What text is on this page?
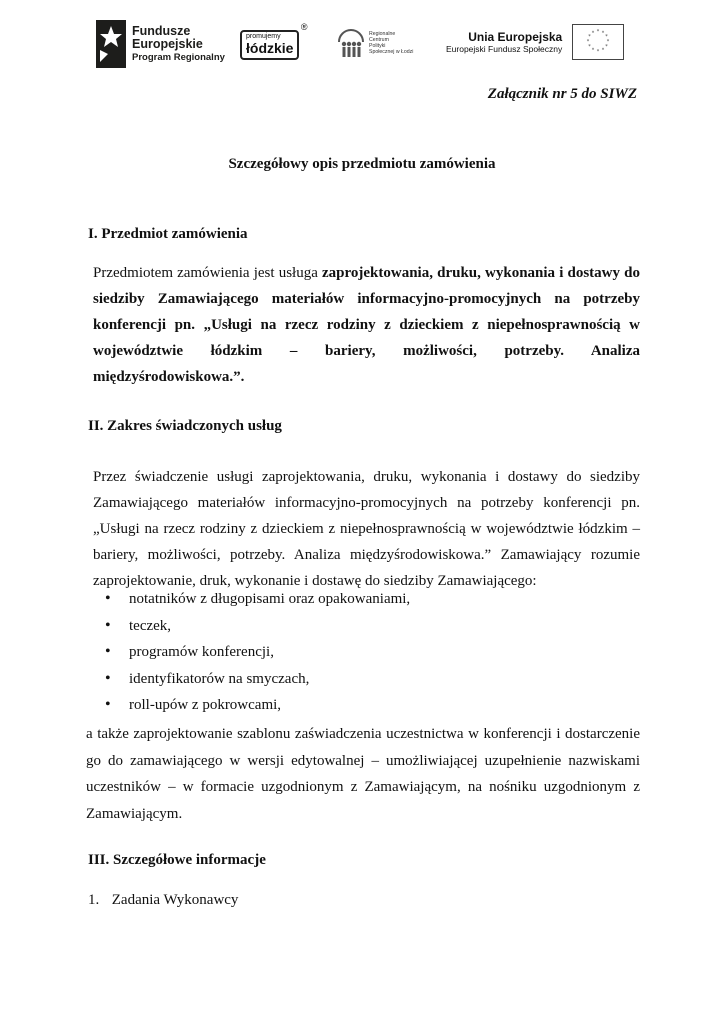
Fundusze
Europejskie
Program Regionalny
promujemy
łódzkie
®
Regionalne
Centrum
Polityki
Społecznej w Łodzi
Unia Europejska
Europejski Fundusz Społeczny
* *
*
*
*
*
*
*
*
*
*
*
Załącznik nr 5 do SIWZ
Szczegółowy opis przedmiotu zamówienia
I. Przedmiot zamówienia
Przedmiotem zamówienia jest usługa zaprojektowania, druku, wykonania i dostawy do siedziby Zamawiającego materiałów informacyjno-promocyjnych na potrzeby konferencji pn. „Usługi na rzecz rodziny z dzieckiem z niepełnosprawnością w województwie łódzkim – bariery, możliwości, potrzeby. Analiza międzyśrodowiskowa.”.
II. Zakres świadczonych usług
Przez świadczenie usługi zaprojektowania, druku, wykonania i dostawy do siedziby Zamawiającego materiałów informacyjno-promocyjnych na potrzeby konferencji pn. „Usługi na rzecz rodziny z dzieckiem z niepełnosprawnością w województwie łódzkim – bariery, możliwości, potrzeby. Analiza międzyśrodowiskowa.” Zamawiający rozumie zaprojektowanie, druk, wykonanie i dostawę do siedziby Zamawiającego:
• notatników z długopisami oraz opakowaniami,
• teczek,
• programów konferencji,
• identyfikatorów na smyczach,
• roll-upów z pokrowcami,
a także zaprojektowanie szablonu zaświadczenia uczestnictwa w konferencji i dostarczenie go do zamawiającego w wersji edytowalnej – umożliwiającej uzupełnienie nazwiskami uczestników – w formacie uzgodnionym z Zamawiającym, na nośniku uzgodnionym z Zamawiającym.
III. Szczegółowe informacje
1. Zadania Wykonawcy
